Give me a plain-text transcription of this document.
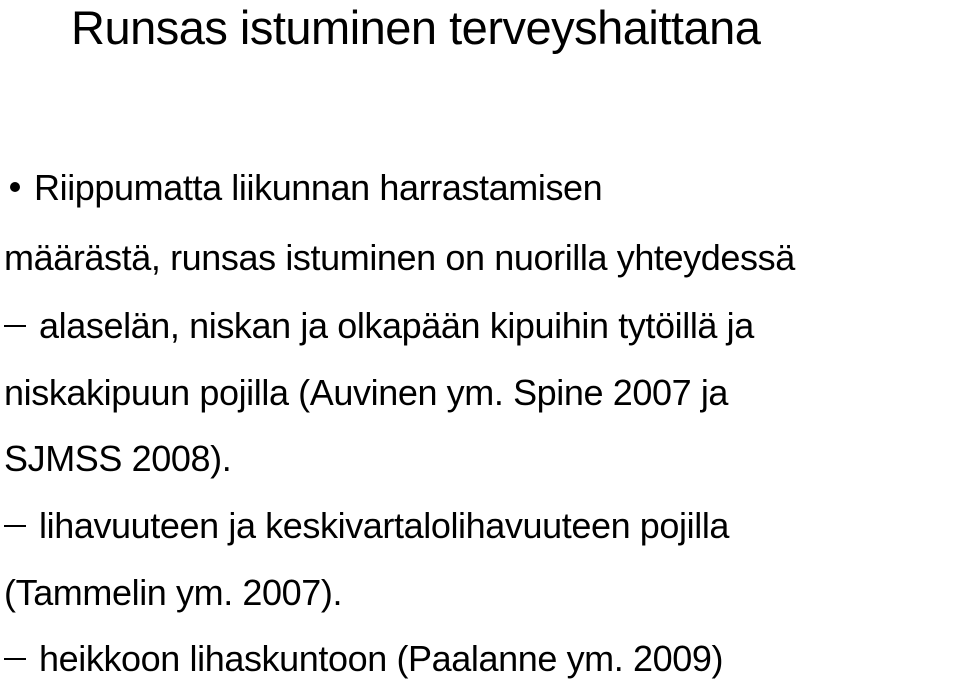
Runsas istuminen terveyshaittana
Riippumatta liikunnan harrastamisen
määrästä, runsas istuminen on nuorilla yhteydessä
alaselän, niskan ja olkapään kipuihin tytöillä ja
niskakipuun pojilla (Auvinen ym. Spine 2007 ja
SJMSS 2008).
lihavuuteen ja keskivartalolihavuuteen pojilla
(Tammelin ym. 2007).
heikkoon lihaskuntoon (Paalanne ym. 2009)
